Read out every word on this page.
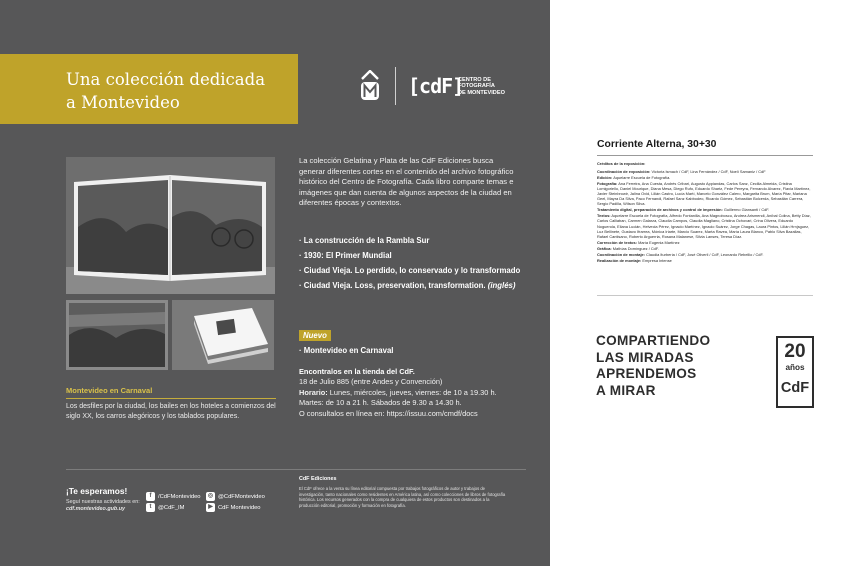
Una colección dedicada
a Montevideo
[cdF]
CENTRO DE
FOTOGRAFÍA
DE MONTEVIDEO
Montevideo en Carnaval
Los desfiles por la ciudad, los bailes en los hoteles a comienzos del siglo XX, los carros alegóricos y los tablados populares.
La colección Gelatina y Plata de las CdF Ediciones busca generar diferentes cortes en el contenido del archivo fotográfico histórico del Centro de Fotografía. Cada libro comparte temas e imágenes que dan cuenta de algunos aspectos de la ciudad en diferentes épocas y contextos.
· La construcción de la Rambla Sur
· 1930: El Primer Mundial
· Ciudad Vieja. Lo perdido, lo conservado y lo transformado
· Ciudad Vieja. Loss, preservation, transformation. (inglés)
Nuevo
· Montevideo en Carnaval
Encontralos en la tienda del CdF.
18 de Julio 885 (entre Andes y Convención)
Horario: Lunes, miércoles, jueves, viernes: de 10 a 19.30 h. Martes: de 10 a 21 h. Sábados de 9.30 a 14.30 h.
O consultalos en línea en: https://issuu.com/cmdf/docs
¡Te esperamos!
Seguí nuestras actividades en:
cdf.montevideo.gub.uy
f	/CdFMontevideo	◎ @CdFMontevideo
t	@CdF_IM	▶ CdF Montevideo
CdF Ediciones
El CdF ofrece a la venta su línea editorial compuesta por trabajos fotográficos de autor y trabajos de investigación, tanto nacionales como residentes en América latina, así como colecciones de libros de fotografía histórica. Los recursos generados con la compra de cualquiera de estos productos son destinados a la producción editorial, promoción y formación en fotografía.
Corriente Alterna, 30+30

Créditos de la exposición:

Coordinación de exposición: Victoria Ismach / CdF, Lina Fernández / CdF, Noelí Samaniz / CdF

Edición: Aquelarre Escuela de Fotografía.

Fotografía: Ana Ferreira, Ana Cuesta, Andrés Cribari, Augusto Appiandas, Carlos Sanz, Cecilia Almeida, Cristina Lomigoriello, Daniel Mourique, Diana Mesa, Diego Rufo, Eduardo Shartz, Fede Pereyra, Fernando Alvarez, Flavia Martínez, Javier Steinbrowir, Jalina Ovid, Lilián Castro, Lucía Martí, Marcelo González Calero, Margarita Brum, María Pitar, Mariana Geel, Mayra Da Silva, Paco Fernandi, Rafael Sanz Kabbodeo, Ricardo Gómez, Sebastián Bolcerda, Sebastián Carrera, Sergio Padilla, Wilson Silva.

Tratamiento digital, preparación de archivos y control de impresión: Guillermo Giansanti / CdF.

Textos: Aquelarre Escuela de Fotografía, Alfredo Fontanilla, Ana Magnoboscu, Andrea Arismendi, Aníbal Colina, Betty Díaz, Carlos Calliaban, Carmen Galarza, Claudia Campos, Claudia Magliano, Cristina Ochovari, Crina Olivera, Eduardo Noguerola, Eliana Lucián, Helvecia Pérez, Ignacio Martínez, Ignacio Suárez, Jorge Chagas, Laura Pintos, Lilián Hrnjsguez, Luz Bellinete, Gustavo Ifrarrea, Mónica Iriarte, Marcio Suarez, Marta Ravea, María Laura Blanco, Pablo Silva Bazallas, Rafael Cantisano, Roberto Arguerria, Rosana Malanese, Silvia Lanses, Teresa Díaz.

Corrección de textos: María Eugenia Martínez

Gráfica: Mathías Domínguez / CdF.

Coordinación de montaje: Claudia Iturbería / CdF, José Oliveril / CdF, Leonardo Rebellio / CdF.

Realización de montaje: Empresa Intense

COMPARTIENDO
LAS MIRADAS
APRENDEMOS
A MIRAR
20
años
CdF
